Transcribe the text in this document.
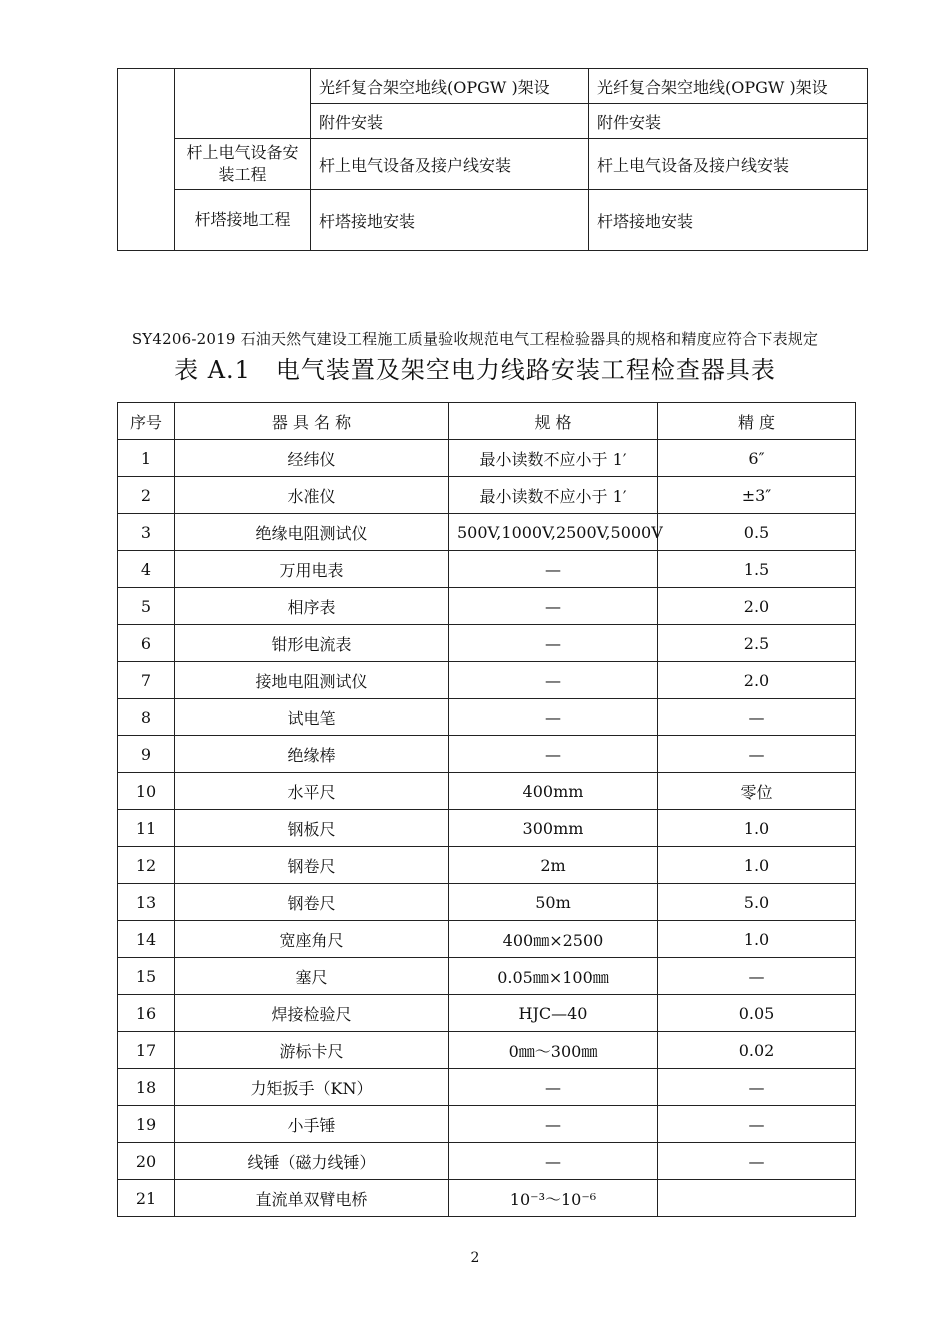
		光纤复合架空地线(OPGW )架设	光纤复合架空地线(OPGW )架设
		附件安装	附件安装
	杆上电气设备安装工程	杆上电气设备及接户线安装	杆上电气设备及接户线安装
	杆塔接地工程	杆塔接地安装	杆塔接地安装
SY4206-2019 石油天然气建设工程施工质量验收规范电气工程检验器具的规格和精度应符合下表规定
表 A.1　电气装置及架空电力线路安装工程检查器具表
序号	器 具 名 称	规 格	精 度
1	经纬仪	最小读数不应小于 1′	6″
2	水准仪	最小读数不应小于 1′	±3″
3	绝缘电阻测试仪	500V,1000V,2500V,5000V	0.5
4	万用电表	—	1.5
5	相序表	—	2.0
6	钳形电流表	—	2.5
7	接地电阻测试仪	—	2.0
8	试电笔	—	—
9	绝缘棒	—	—
10	水平尺	400mm	零位
11	钢板尺	300mm	1.0
12	钢卷尺	2m	1.0
13	钢卷尺	50m	5.0
14	宽座角尺	400㎜×2500	1.0
15	塞尺	0.05㎜×100㎜	—
16	焊接检验尺	HJC—40	0.05
17	游标卡尺	0㎜～300㎜	0.02
18	力矩扳手（KN）	—	—
19	小手锤	—	—
20	线锤（磁力线锤）	—	—
21	直流单双臂电桥	10⁻³～10⁻⁶	
2
